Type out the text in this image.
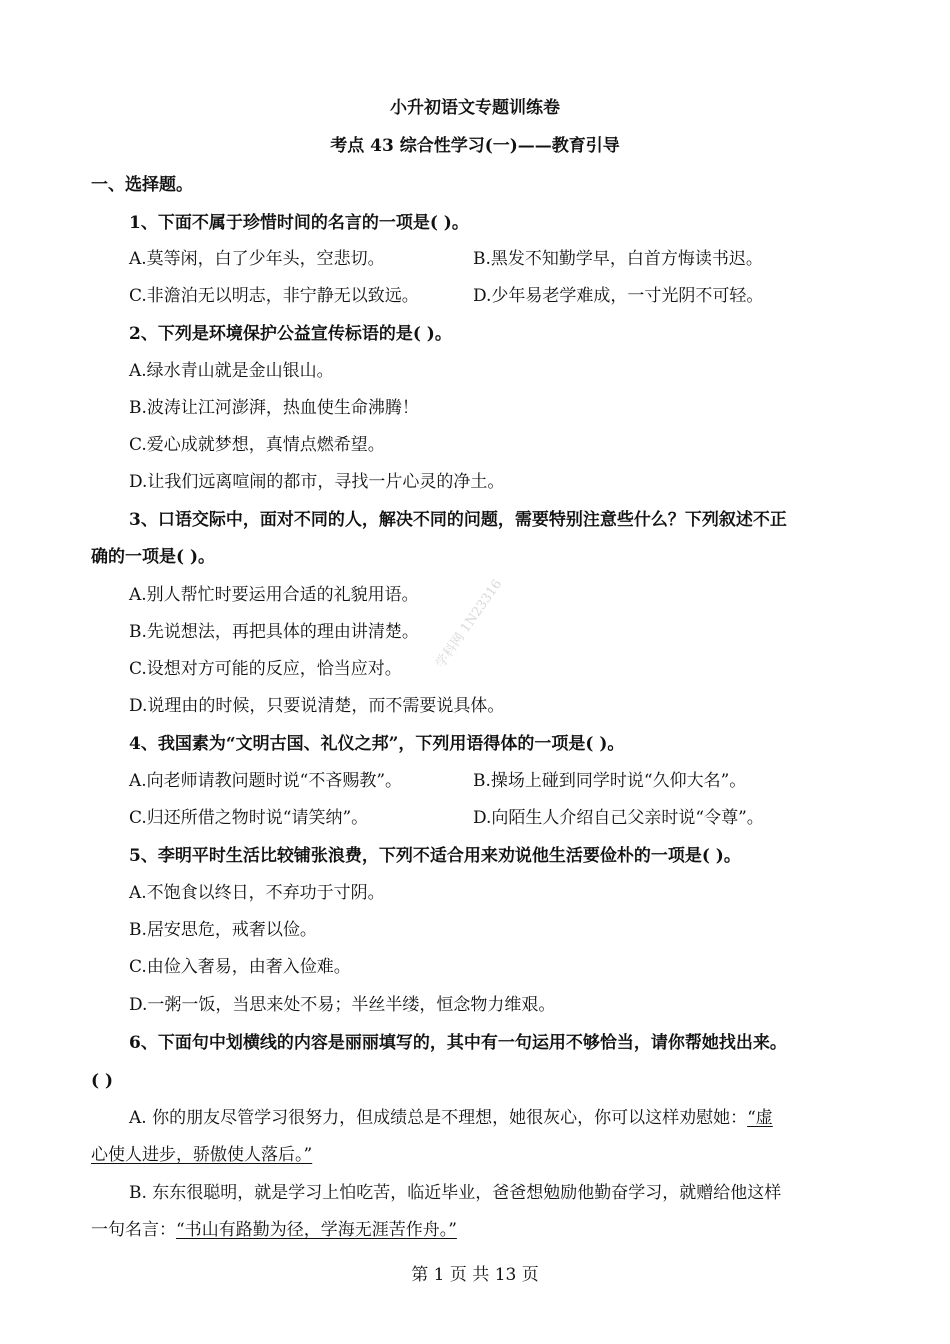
小升初语文专题训练卷
考点 43 综合性学习(一)——教育引导
一、选择题。
1、下面不属于珍惜时间的名言的一项是( )。
A.莫等闲，白了少年头，空悲切。	B.黑发不知勤学早，白首方悔读书迟。
C.非澹泊无以明志，非宁静无以致远。	D.少年易老学难成，一寸光阴不可轻。
2、下列是环境保护公益宣传标语的是( )。
A.绿水青山就是金山银山。
B.波涛让江河澎湃，热血使生命沸腾！
C.爱心成就梦想，真情点燃希望。
D.让我们远离喧闹的都市，寻找一片心灵的净土。
3、口语交际中，面对不同的人，解决不同的问题，需要特别注意些什么？下列叙述不正
确的一项是( )。
A.别人帮忙时要运用合适的礼貌用语。
B.先说想法，再把具体的理由讲清楚。
C.设想对方可能的反应，恰当应对。
D.说理由的时候，只要说清楚，而不需要说具体。
4、我国素为“文明古国、礼仪之邦”，下列用语得体的一项是( )。
A.向老师请教问题时说“不吝赐教”。	B.操场上碰到同学时说“久仰大名”。
C.归还所借之物时说“请笑纳”。	D.向陌生人介绍自己父亲时说“令尊”。
5、李明平时生活比较铺张浪费，下列不适合用来劝说他生活要俭朴的一项是( )。
A.不饱食以终日，不弃功于寸阴。
B.居安思危，戒奢以俭。
C.由俭入奢易，由奢入俭难。
D.一粥一饭，当思来处不易；半丝半缕，恒念物力维艰。
6、下面句中划横线的内容是丽丽填写的，其中有一句运用不够恰当，请你帮她找出来。
( )
A. 你的朋友尽管学习很努力，但成绩总是不理想，她很灰心，你可以这样劝慰她：“虚
心使人进步，骄傲使人落后。”
B. 东东很聪明，就是学习上怕吃苦，临近毕业，爸爸想勉励他勤奋学习，就赠给他这样
一句名言：“书山有路勤为径，学海无涯苦作舟。”
第 1 页 共 13 页
学科网 1N23316
